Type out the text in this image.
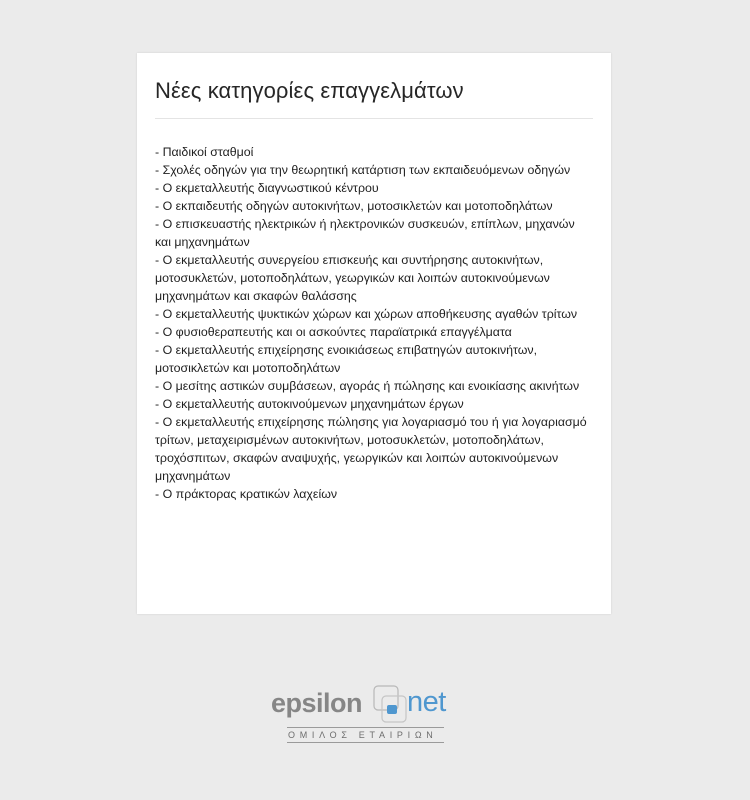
Νέες κατηγορίες επαγγελμάτων
- Παιδικοί σταθμοί
- Σχολές οδηγών για την θεωρητική κατάρτιση των εκπαιδευόμενων οδηγών
- Ο εκμεταλλευτής διαγνωστικού κέντρου
- Ο εκπαιδευτής οδηγών αυτοκινήτων, μοτοσικλετών και μοτοποδηλάτων
- Ο επισκευαστής ηλεκτρικών ή ηλεκτρονικών συσκευών, επίπλων, μηχανών και μηχανημάτων
- Ο εκμεταλλευτής συνεργείου επισκευής και συντήρησης αυτοκινήτων, μοτοσυκλετών, μοτοποδηλάτων, γεωργικών και λοιπών αυτοκινούμενων μηχανημάτων και σκαφών θαλάσσης
- Ο εκμεταλλευτής ψυκτικών χώρων και χώρων αποθήκευσης αγαθών τρίτων
- Ο φυσιοθεραπευτής και οι ασκούντες παραϊατρικά επαγγέλματα
- Ο εκμεταλλευτής επιχείρησης ενοικιάσεως επιβατηγών αυτοκινήτων, μοτοσικλετών και μοτοποδηλάτων
- Ο μεσίτης αστικών συμβάσεων, αγοράς ή πώλησης και ενοικίασης ακινήτων
- Ο εκμεταλλευτής αυτοκινούμενων μηχανημάτων έργων
- Ο εκμεταλλευτής επιχείρησης πώλησης για λογαριασμό του ή για λογαριασμό τρίτων, μεταχειρισμένων αυτοκινήτων, μοτοσυκλετών, μοτοποδηλάτων, τροχόσπιτων, σκαφών αναψυχής, γεωργικών και λοιπών αυτοκινούμενων μηχανημάτων
- Ο πράκτορας κρατικών λαχείων
epsilon net
ΟΜΙΛΟΣ ΕΤΑΙΡΙΩΝ
